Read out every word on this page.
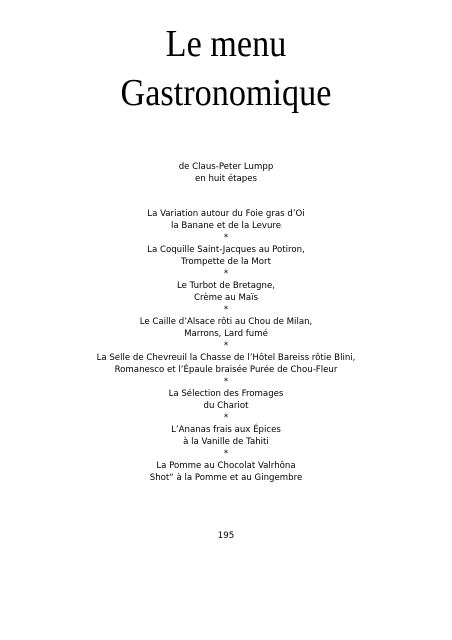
Le menu
Gastronomique
de Claus-Peter Lumpp
en huit étapes
La Variation autour du Foie gras d’Oi
la Banane et de la Levure
*
La Coquille Saint-Jacques au Potiron,
Trompette de la Mort
*
Le Turbot de Bretagne,
Crème au Maïs
*
Le Caille d’Alsace rôti au Chou de Milan,
Marrons, Lard fumé
*
La Selle de Chevreuil la Chasse de l’Hôtel Bareiss rôtie Blini,
Romanesco et l’Épaule braisée Purée de Chou-Fleur
*
La Sélection des Fromages
du Chariot
*
L’Ananas frais aux Épices
à la Vanille de Tahiti
*
La Pomme au Chocolat Valrhôna
Shot“ à la Pomme et au Gingembre
195
